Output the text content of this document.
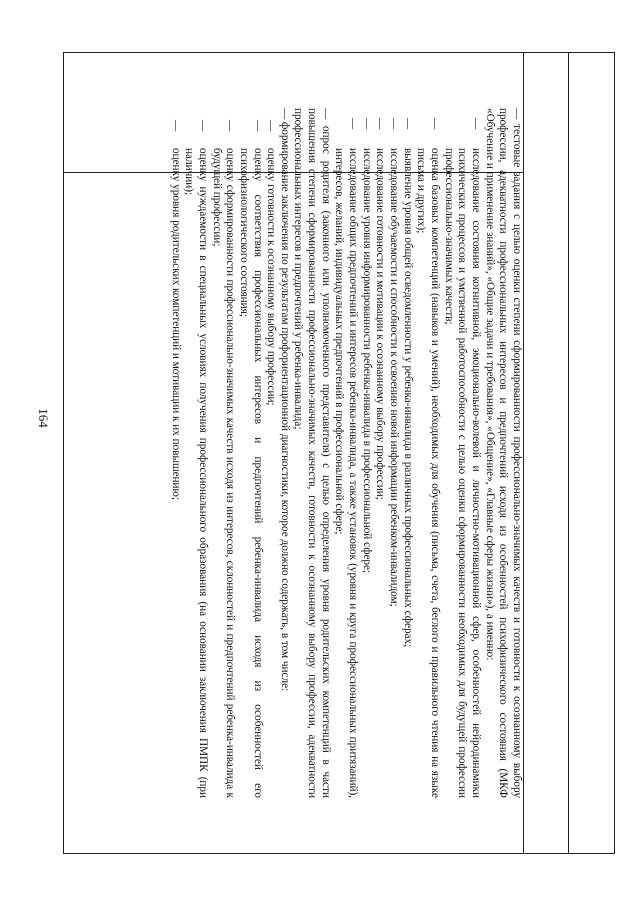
164	— тестовые задания с целью оценки степени сформированности профессионально-значимых качеств и готовности к осознанному выбору профессии, адекватности профессиональных интересов и предпочтений исходя из особенностей психофизического состояния (МКФ «Обучение и применение знаний», «Общие задачи и требования», «Общение», «Главные сферы жизни»), а именно:

— исследование состояния когнитивной, эмоционально-волевой и личностно-мотивационной сфер, особенностей нейродинамики психических процессов и умственной работоспособности с целью оценки сформированности необходимых для будущей профессии профессионально-значимых качеств;

— оценка базовых компетенций (навыков и умений), необходимых для обучения (письма, счета, беглого и правильного чтения на языке письма и других);

— выявление уровня общей осведомленности у ребенка-инвалида в различных профессиональных сферах;

— исследование обучаемости и способности к освоению новой информации ребенком-инвалидом;

— исследование готовности и мотивации к осознанному выбору профессии;

— исследование уровня информированности ребенка-инвалида в профессиональной сфере;

— исследование общих предпочтений и интересов ребенка-инвалида, а также установок (уровня и круга профессиональных притязаний), интересов, желаний, индивидуальных предпочтений в профессиональной сфере;

— опрос родителя (законного или уполномоченного представителя) с целью определения уровня родительских компетенций в части повышения степени сформированности профессионально-значимых качеств, готовности к осознанному выбору профессии, адекватности профессиональных интересов и предпочтений у ребенка-инвалида;

— формирование заключения по результатам профориентационной диагностики, которое должно содержать, в том числе:

— оценку готовности к осознанному выбору профессии;

— оценку соответствия профессиональных интересов и предпочтений ребенка-инвалида исходя из особенностей его психофизиологического состояния;

— оценку сформированности профессионально-значимых качеств исходя из интересов, склонностей и предпочтений ребенка-инвалида к будущей профессии;

— оценку нуждаемости в специальных условиях получения профессионального образования (на основании заключения ПМПК (при наличии);

— оценку уровня родительских компетенций и мотивации к их повышению;
